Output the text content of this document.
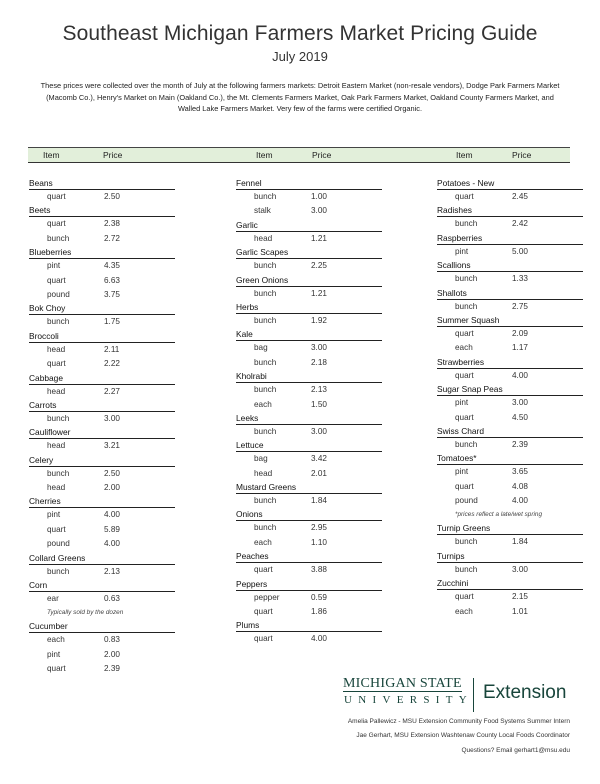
Southeast Michigan Farmers Market Pricing Guide
July 2019
These prices were collected over the month of July at the following farmers markets: Detroit Eastern Market (non-resale vendors), Dodge Park Farmers Market (Macomb Co.), Henry's Market on Main (Oakland Co.), the Mt. Clements Farmers Market, Oak Park Farmers Market, Oakland County Farmers Market, and Walled Lake Farmers Market. Very few of the farms were certified Organic.
Item	Price	Item	Price	Item	Price
Beans
quart	2.50
Beets
quart	2.38
bunch	2.72
Blueberries
pint	4.35
quart	6.63
pound	3.75
Bok Choy
bunch	1.75
Broccoli
head	2.11
quart	2.22
Cabbage
head	2.27
Carrots
bunch	3.00
Cauliflower
head	3.21
Celery
bunch	2.50
head	2.00
Cherries
pint	4.00
quart	5.89
pound	4.00
Collard Greens
bunch	2.13
Corn
ear	0.63
Typically sold by the dozen
Cucumber
each	0.83
pint	2.00
quart	2.39
Fennel
bunch	1.00
stalk	3.00
Garlic
head	1.21
Garlic Scapes
bunch	2.25
Green Onions
bunch	1.21
Herbs
bunch	1.92
Kale
bag	3.00
bunch	2.18
Kholrabi
bunch	2.13
each	1.50
Leeks
bunch	3.00
Lettuce
bag	3.42
head	2.01
Mustard Greens
bunch	1.84
Onions
bunch	2.95
each	1.10
Peaches
quart	3.88
Peppers
pepper	0.59
quart	1.86
Plums
quart	4.00
Potatoes - New
quart	2.45
Radishes
bunch	2.42
Raspberries
pint	5.00
Scallions
bunch	1.33
Shallots
bunch	2.75
Summer Squash
quart	2.09
each	1.17
Strawberries
quart	4.00
Sugar Snap Peas
pint	3.00
quart	4.50
Swiss Chard
bunch	2.39
Tomatoes*
pint	3.65
quart	4.08
pound	4.00
*prices reflect a late/wet spring
Turnip Greens
bunch	1.84
Turnips
bunch	3.00
Zucchini
quart	2.15
each	1.01
MICHIGAN STATE
UNIVERSITY Extension
Amelia Pallewicz - MSU Extension Community Food Systems Summer Intern
Jae Gerhart, MSU Extension Washtenaw County Local Foods Coordinator
Questions? Email gerhart1@msu.edu
